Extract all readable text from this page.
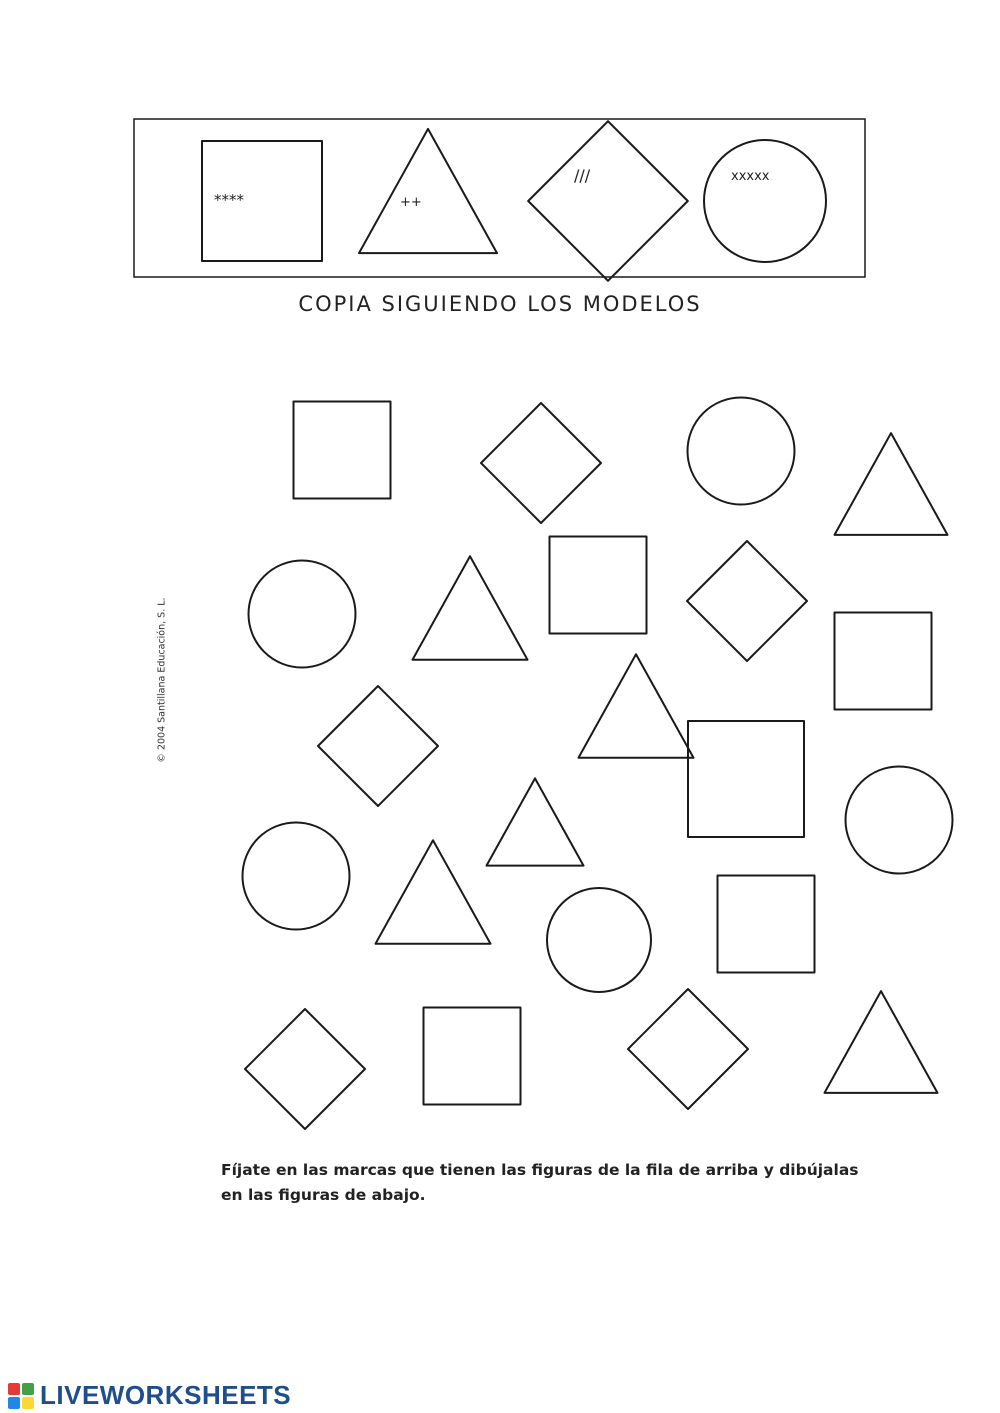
****	++
///	xxxxx
COPIA SIGUIENDO LOS MODELOS
© 2004 Santillana Educación, S. L.
Fíjate en las marcas que tienen las figuras de la fila de arriba y dibújalas
en las figuras de abajo.
LIVEWORKSHEETS
